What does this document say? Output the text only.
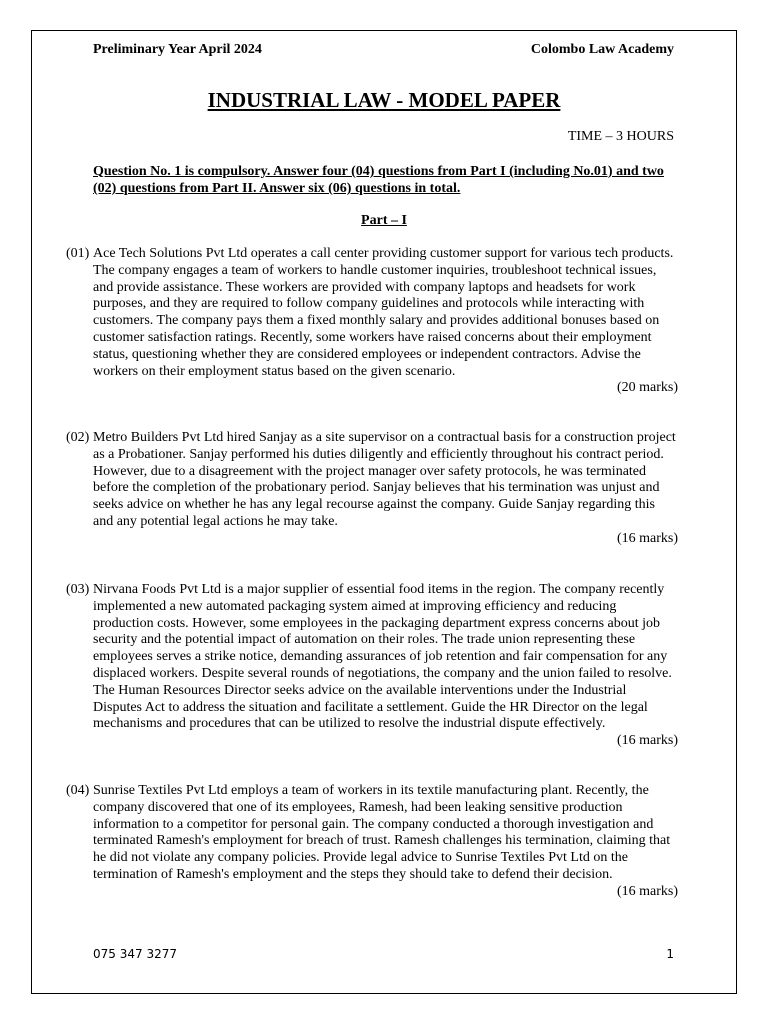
Preliminary Year April 2024	Colombo Law Academy
INDUSTRIAL LAW - MODEL PAPER
TIME – 3 HOURS
Question No. 1 is compulsory. Answer four (04) questions from Part I (including No.01) and two (02) questions from Part II. Answer six (06) questions in total.
Part – I
(01) Ace Tech Solutions Pvt Ltd operates a call center providing customer support for various tech products. The company engages a team of workers to handle customer inquiries, troubleshoot technical issues, and provide assistance. These workers are provided with company laptops and headsets for work purposes, and they are required to follow company guidelines and protocols while interacting with customers. The company pays them a fixed monthly salary and provides additional bonuses based on customer satisfaction ratings. Recently, some workers have raised concerns about their employment status, questioning whether they are considered employees or independent contractors. Advise the workers on their employment status based on the given scenario.
(20 marks)
(02) Metro Builders Pvt Ltd hired Sanjay as a site supervisor on a contractual basis for a construction project as a Probationer. Sanjay performed his duties diligently and efficiently throughout his contract period. However, due to a disagreement with the project manager over safety protocols, he was terminated before the completion of the probationary period. Sanjay believes that his termination was unjust and seeks advice on whether he has any legal recourse against the company. Guide Sanjay regarding this and any potential legal actions he may take.
(16 marks)
(03) Nirvana Foods Pvt Ltd is a major supplier of essential food items in the region. The company recently implemented a new automated packaging system aimed at improving efficiency and reducing production costs. However, some employees in the packaging department express concerns about job security and the potential impact of automation on their roles. The trade union representing these employees serves a strike notice, demanding assurances of job retention and fair compensation for any displaced workers. Despite several rounds of negotiations, the company and the union failed to resolve. The Human Resources Director seeks advice on the available interventions under the Industrial Disputes Act to address the situation and facilitate a settlement. Guide the HR Director on the legal mechanisms and procedures that can be utilized to resolve the industrial dispute effectively.
(16 marks)
(04) Sunrise Textiles Pvt Ltd employs a team of workers in its textile manufacturing plant. Recently, the company discovered that one of its employees, Ramesh, had been leaking sensitive production information to a competitor for personal gain. The company conducted a thorough investigation and terminated Ramesh's employment for breach of trust. Ramesh challenges his termination, claiming that he did not violate any company policies. Provide legal advice to Sunrise Textiles Pvt Ltd on the termination of Ramesh's employment and the steps they should take to defend their decision.
(16 marks)
075 347 3277	1
